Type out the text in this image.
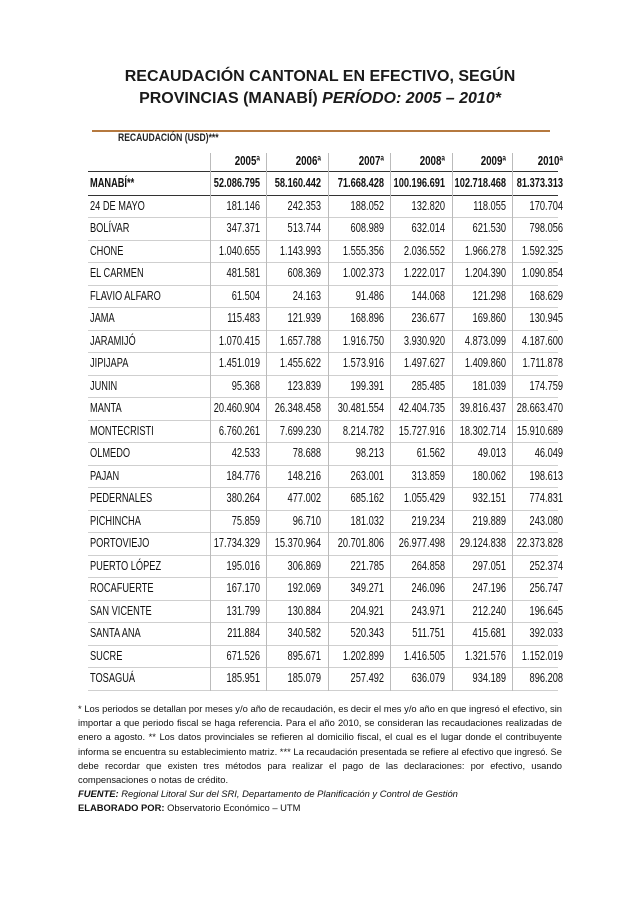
RECAUDACIÓN CANTONAL EN EFECTIVO, SEGÚN
PROVINCIAS (MANABÍ) PERÍODO: 2005 – 2010*
RECAUDACIÓN (USD)***
2005ª	2006ª	2007ª	2008ª	2009ª	2010ª
MANABÍ**	52.086.795	58.160.442	71.668.428 100.196.691 102.718.468 81.373.313
24 DE MAYO	181.146	242.353	188.052	132.820	118.055	170.704
BOLÍVAR	347.371	513.744	608.989	632.014	621.530	798.056
CHONE	1.040.655	1.143.993	1.555.356	2.036.552	1.966.278	1.592.325
EL CARMEN	481.581	608.369	1.002.373	1.222.017	1.204.390	1.090.854
FLAVIO ALFARO	61.504	24.163	91.486	144.068	121.298	168.629
JAMA	115.483	121.939	168.896	236.677	169.860	130.945
JARAMIJÓ	1.070.415	1.657.788	1.916.750	3.930.920	4.873.099	4.187.600
JIPIJAPA	1.451.019	1.455.622	1.573.916	1.497.627	1.409.860	1.711.878
JUNIN	95.368	123.839	199.391	285.485	181.039	174.759
MANTA	20.460.904	26.348.458	30.481.554	42.404.735	39.816.437 28.663.470
MONTECRISTI	6.760.261	7.699.230	8.214.782	15.727.916	18.302.714 15.910.689
OLMEDO	42.533	78.688	98.213	61.562	49.013	46.049
PAJAN	184.776	148.216	263.001	313.859	180.062	198.613
PEDERNALES	380.264	477.002	685.162	1.055.429	932.151	774.831
PICHINCHA	75.859	96.710	181.032	219.234	219.889	243.080
PORTOVIEJO	17.734.329	15.370.964	20.701.806	26.977.498	29.124.838 22.373.828
PUERTO LÓPEZ	195.016	306.869	221.785	264.858	297.051	252.374
ROCAFUERTE	167.170	192.069	349.271	246.096	247.196	256.747
SAN VICENTE	131.799	130.884	204.921	243.971	212.240	196.645
SANTA ANA	211.884	340.582	520.343	511.751	415.681	392.033
SUCRE	671.526	895.671	1.202.899	1.416.505	1.321.576	1.152.019
TOSAGUÁ	185.951	185.079	257.492	636.079	934.189	896.208

* Los periodos se detallan por meses y/o año de recaudación, es decir el mes y/o año en que ingresó el efectivo, sin importar a que periodo fiscal se haga referencia. Para el año 2010, se consideran las recaudaciones realizadas de enero a agosto. ** Los datos provinciales se refieren al domicilio fiscal, el cual es el lugar donde el contribuyente informa se encuentra su establecimiento matriz. *** La recaudación presentada se refiere al efectivo que ingresó. Se debe recordar que existen tres métodos para realizar el pago de las declaraciones: por efectivo, usando compensaciones o notas de crédito.

FUENTE: Regional Litoral Sur del SRI, Departamento de Planificación y Control de Gestión

ELABORADO POR: Observatorio Económico – UTM
